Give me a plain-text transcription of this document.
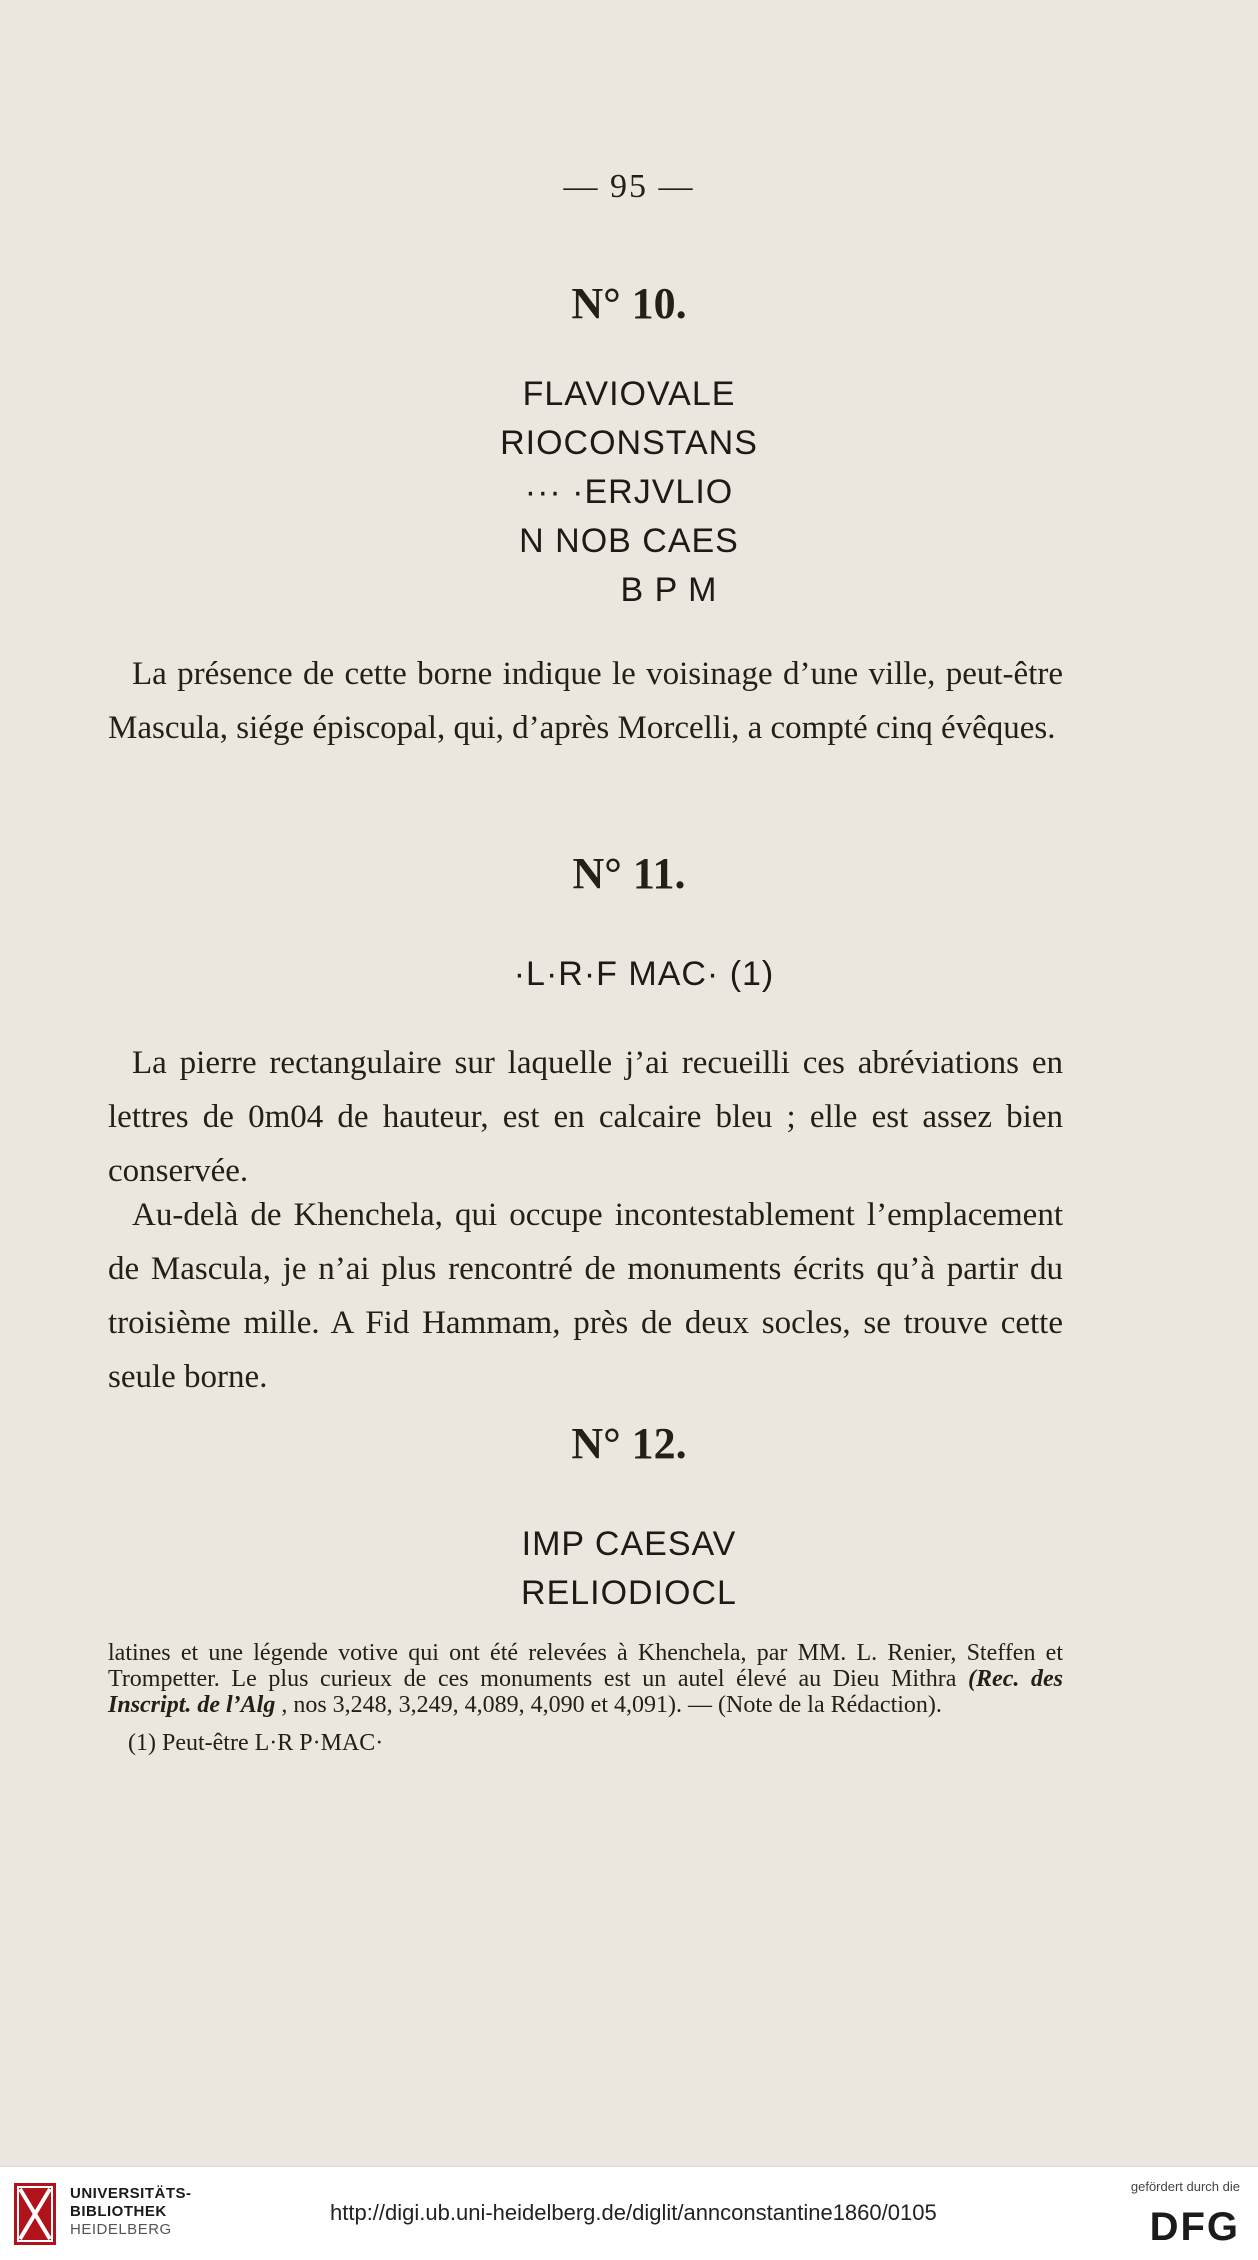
— 95 —
N° 10.
FLAVIOVALE
RIOCONSTANS
··· ·ERJVLIO
N NOB CAES
B P M
La présence de cette borne indique le voisinage d’une ville, peut-être Mascula, siége épiscopal, qui, d’après Morcelli, a compté cinq évêques.
N° 11.
·L·R·F MAC· (1)
La pierre rectangulaire sur laquelle j’ai recueilli ces abréviations en lettres de 0m04 de hauteur, est en calcaire bleu ; elle est assez bien conservée.
Au-delà de Khenchela, qui occupe incontestablement l’emplacement de Mascula, je n’ai plus rencontré de monuments écrits qu’à partir du troisième mille. A Fid Hammam, près de deux socles, se trouve cette seule borne.
N° 12.
IMP CAESAV
RELIODIOCL
latines et une légende votive qui ont été relevées à Khenchela, par MM. L. Renier, Steffen et Trompetter. Le plus curieux de ces monuments est un autel élevé au Dieu Mithra (Rec. des Inscript. de l’Alg , nos 3,248, 3,249, 4,089, 4,090 et 4,091). — (Note de la Rédaction).
(1) Peut-être L·R P·MAC·
UNIVERSITÄTS-
BIBLIOTHEK
HEIDELBERG
http://digi.ub.uni-heidelberg.de/diglit/annconstantine1860/0105
gefördert durch die
DFG
